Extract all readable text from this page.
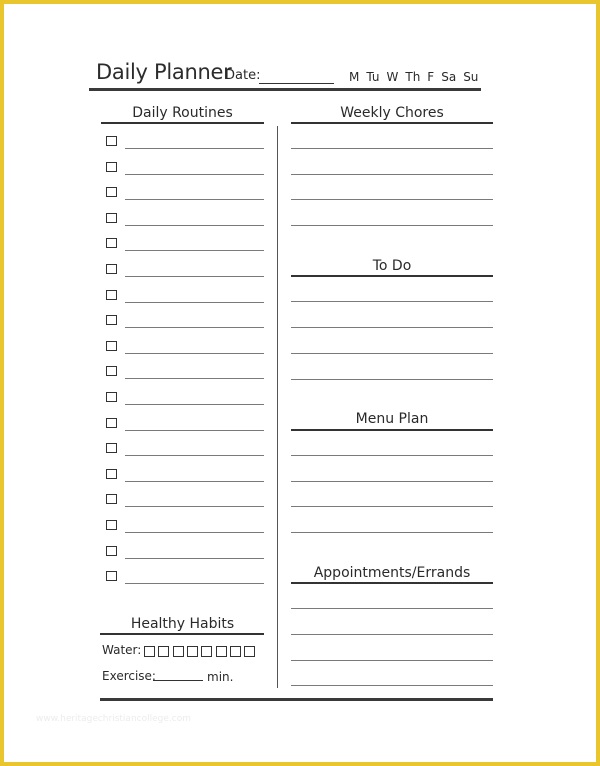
Daily Planner
Date:	M Tu W Th F Sa Su
Daily Routines	Weekly Chores
To Do
Menu Plan
Appointments/Errands
Healthy Habits
Water:
Exercise:	min.
www.heritagechristiancollege.com
